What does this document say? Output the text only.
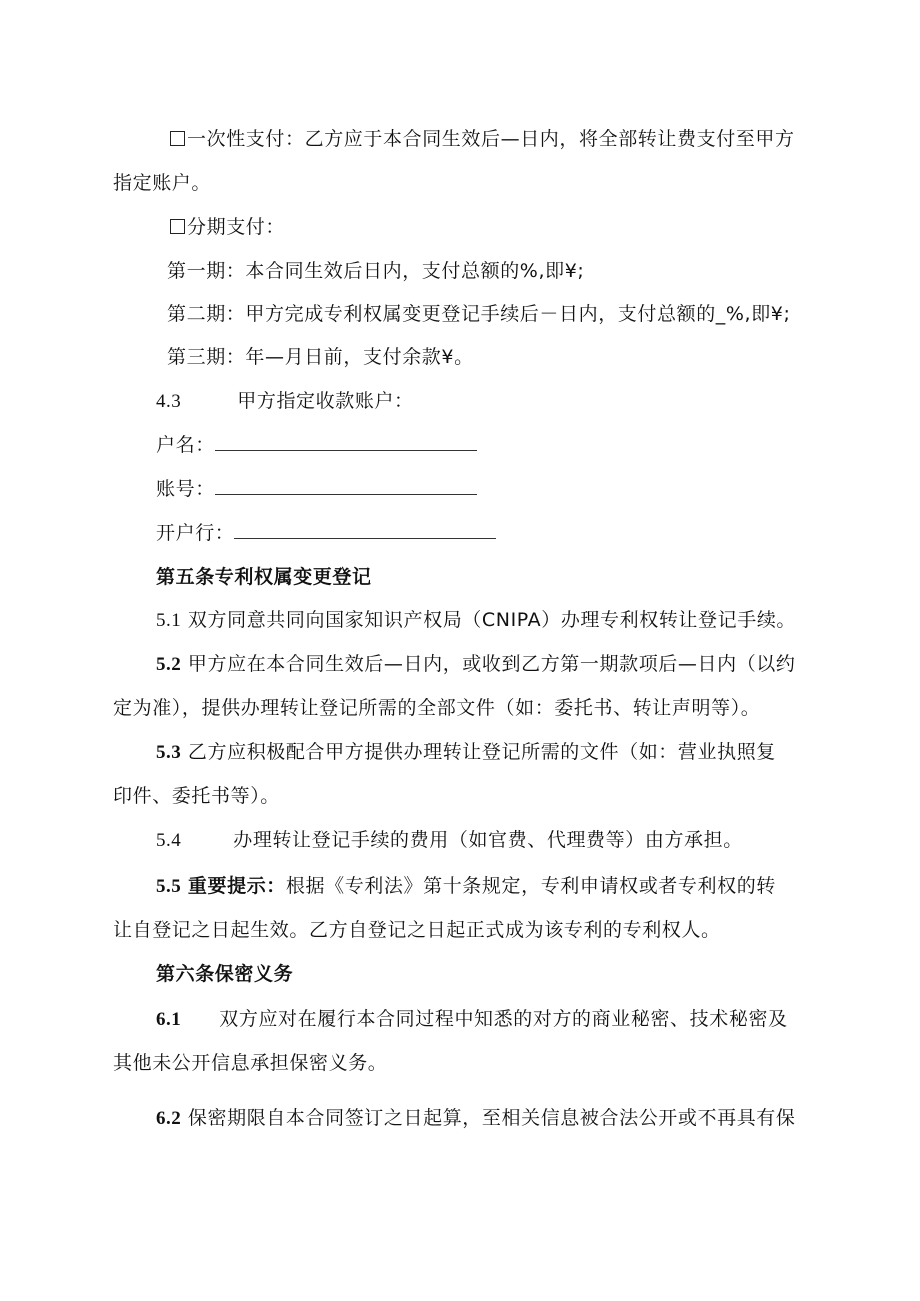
一次性支付：乙方应于本合同生效后—日内，将全部转让费支付至甲方
指定账户。
分期支付：
第一期：本合同生效后日内，支付总额的%,即¥;
第二期：甲方完成专利权属变更登记手续后－日内，支付总额的_%,即¥;
第三期：年—月日前，支付余款¥。
4.3	甲方指定收款账户：
户名：
账号：
开户行：
第五条专利权属变更登记
5.1 双方同意共同向国家知识产权局（CNIPA）办理专利权转让登记手续。
5.2 甲方应在本合同生效后—日内，或收到乙方第一期款项后—日内（以约
定为准），提供办理转让登记所需的全部文件（如：委托书、转让声明等）。
5.3 乙方应积极配合甲方提供办理转让登记所需的文件（如：营业执照复
印件、委托书等）。
5.4	办理转让登记手续的费用（如官费、代理费等）由方承担。
5.5 重要提示：根据《专利法》第十条规定，专利申请权或者专利权的转
让自登记之日起生效。乙方自登记之日起正式成为该专利的专利权人。
第六条保密义务
6.1 双方应对在履行本合同过程中知悉的对方的商业秘密、技术秘密及
其他未公开信息承担保密义务。
6.2 保密期限自本合同签订之日起算，至相关信息被合法公开或不再具有保
